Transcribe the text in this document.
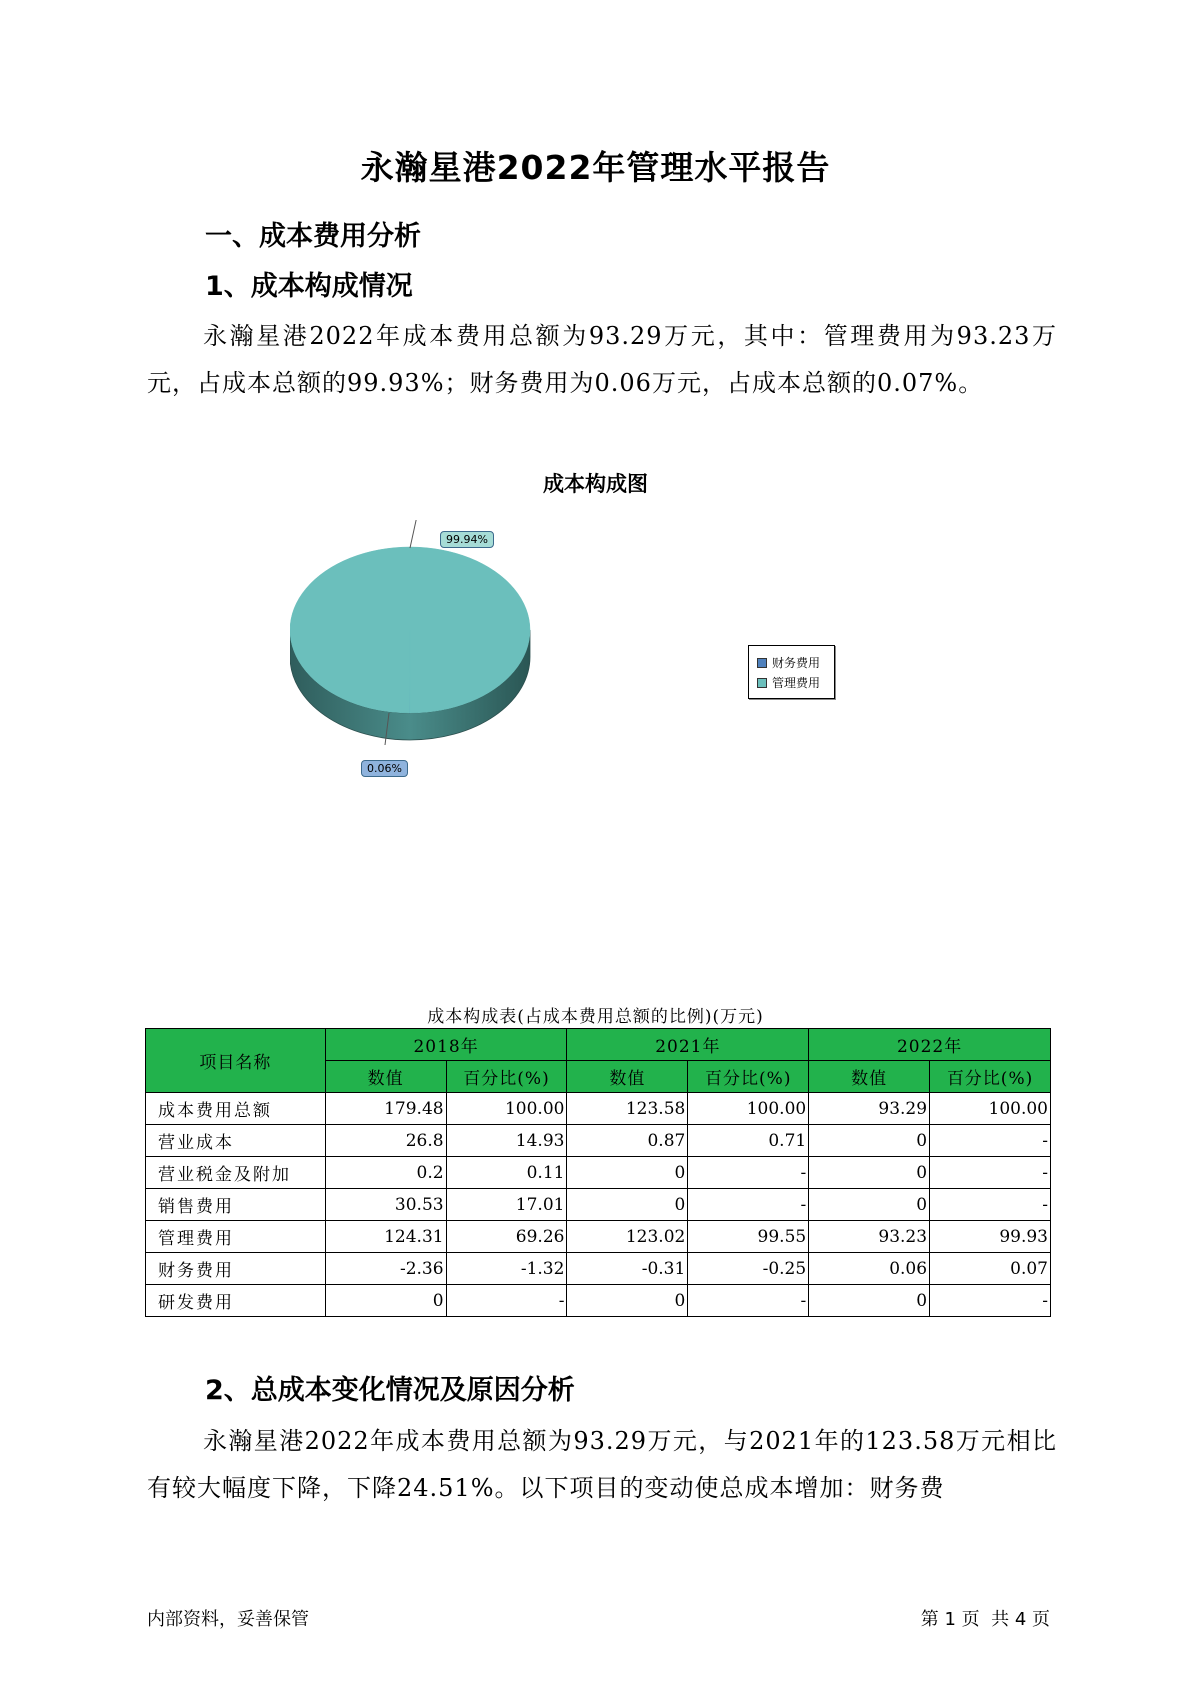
永瀚星港2022年管理水平报告
一、成本费用分析
1、成本构成情况
永瀚星港2022年成本费用总额为93.29万元，其中：管理费用为93.23万元，占成本总额的99.93%；财务费用为0.06万元，占成本总额的0.07%。
成本构成图
99.94%
0.06%
财务费用
管理费用
成本构成表(占成本费用总额的比例)(万元)
项目名称	2018年		2021年		2022年	
	数值	百分比(%)	数值	百分比(%)	数值	百分比(%)
成本费用总额	179.48	100.00	123.58	100.00	93.29	100.00
营业成本	26.8	14.93	0.87	0.71	0	-
营业税金及附加	0.2	0.11	0	-	0	-
销售费用	30.53	17.01	0	-	0	-
管理费用	124.31	69.26	123.02	99.55	93.23	99.93
财务费用	-2.36	-1.32	-0.31	-0.25	0.06	0.07
研发费用	0	-	0	-	0	-
2、总成本变化情况及原因分析
永瀚星港2022年成本费用总额为93.29万元，与2021年的123.58万元相比有较大幅度下降，下降24.51%。以下项目的变动使总成本增加：财务费
内部资料，妥善保管	第 1 页  共 4 页
